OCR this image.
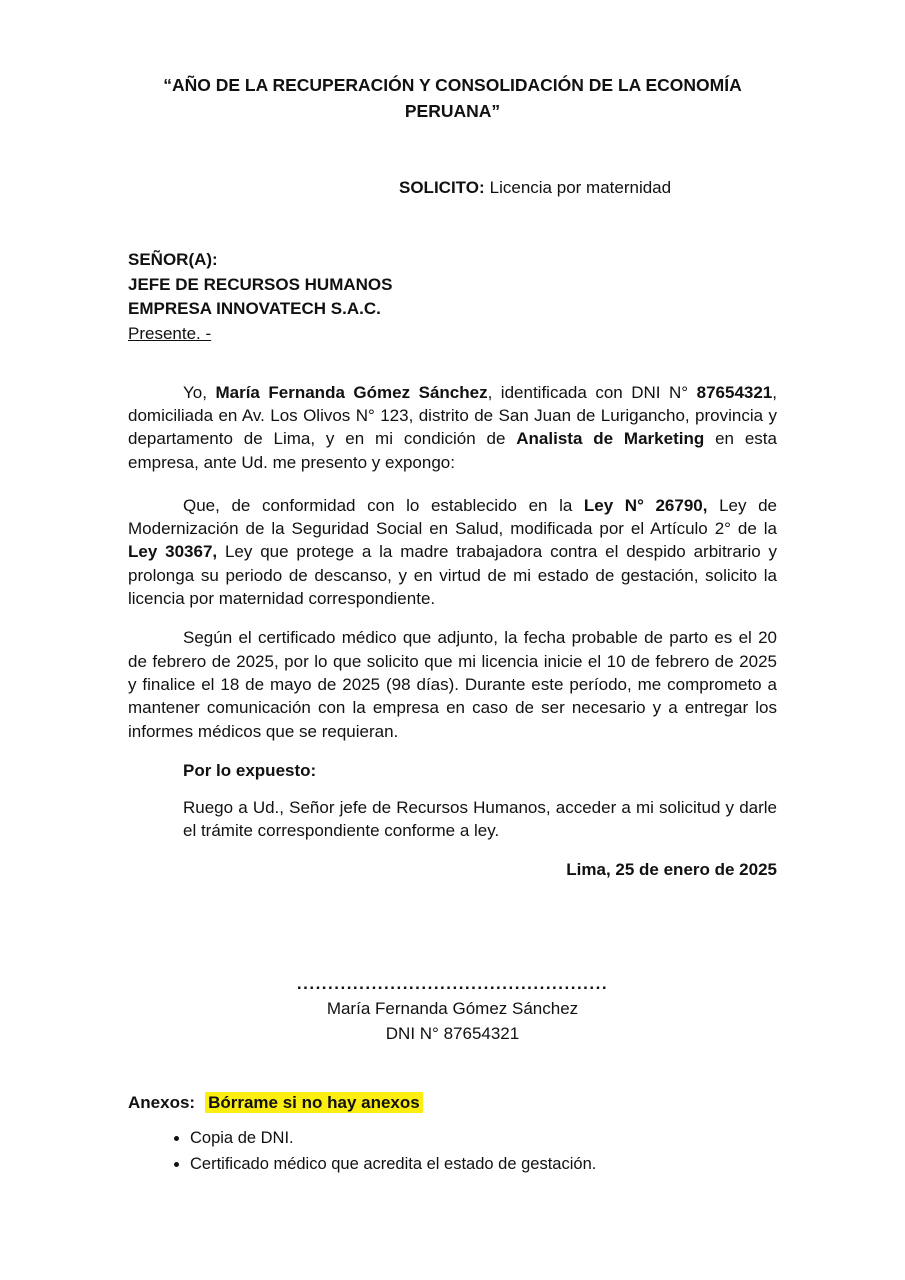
“AÑO DE LA RECUPERACIÓN Y CONSOLIDACIÓN DE LA ECONOMÍA PERUANA”

SOLICITO: Licencia por maternidad
SEÑOR(A):
JEFE DE RECURSOS HUMANOS
EMPRESA INNOVATECH S.A.C.
Presente. -

Yo, María Fernanda Gómez Sánchez, identificada con DNI N° 87654321, domiciliada en Av. Los Olivos N° 123, distrito de San Juan de Lurigancho, provincia y departamento de Lima, y en mi condición de Analista de Marketing en esta empresa, ante Ud. me presento y expongo:

Que, de conformidad con lo establecido en la Ley N° 26790, Ley de Modernización de la Seguridad Social en Salud, modificada por el Artículo 2° de la Ley 30367, Ley que protege a la madre trabajadora contra el despido arbitrario y prolonga su periodo de descanso, y en virtud de mi estado de gestación, solicito la licencia por maternidad correspondiente.

Según el certificado médico que adjunto, la fecha probable de parto es el 20 de febrero de 2025, por lo que solicito que mi licencia inicie el 10 de febrero de 2025 y finalice el 18 de mayo de 2025 (98 días). Durante este período, me comprometo a mantener comunicación con la empresa en caso de ser necesario y a entregar los informes médicos que se requieran.

Por lo expuesto:

Ruego a Ud., Señor jefe de Recursos Humanos, acceder a mi solicitud y darle el trámite correspondiente conforme a ley.

Lima, 25 de enero de 2025

..................................................
María Fernanda Gómez Sánchez
DNI N° 87654321
Anexos: Bórrame si no hay anexos
• Copia de DNI.
• Certificado médico que acredita el estado de gestación.
